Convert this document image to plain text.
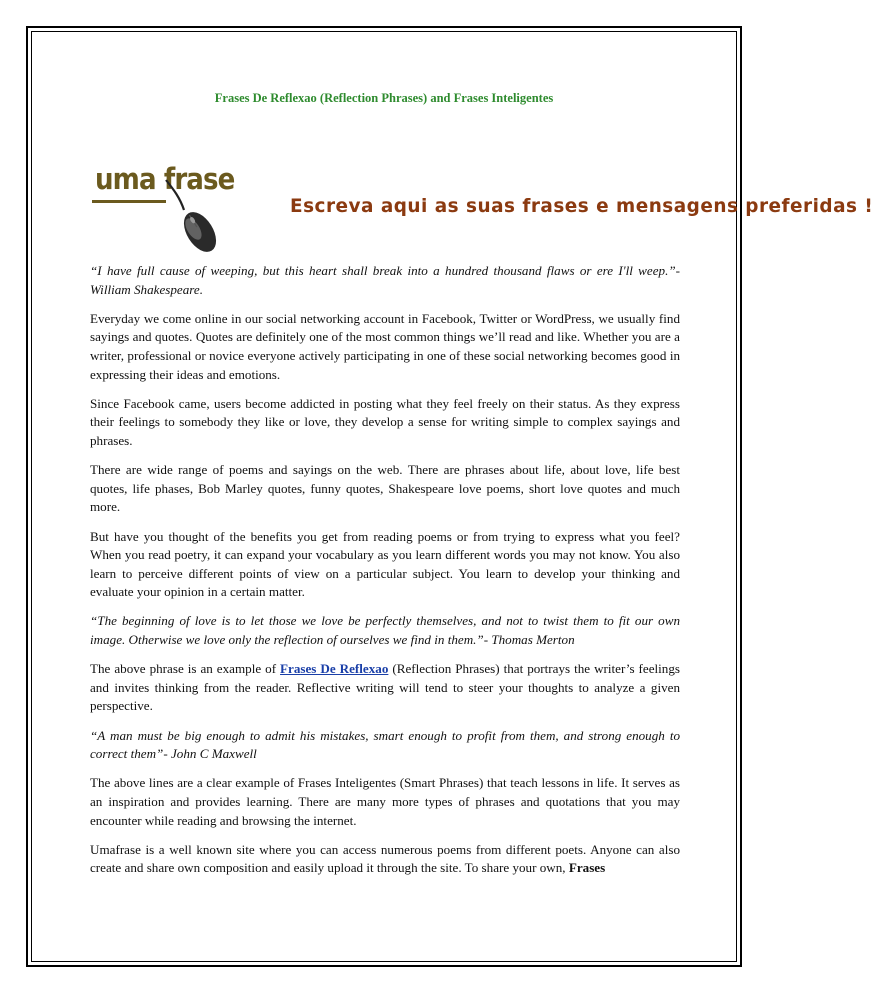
Frases De Reflexao (Reflection Phrases) and Frases Inteligentes
uma frase
Escreva aqui as suas frases e mensagens preferidas !

“I have full cause of weeping, but this heart shall break into a hundred thousand flaws or ere I'll weep.”- William Shakespeare.

Everyday we come online in our social networking account in Facebook, Twitter or WordPress, we usually find sayings and quotes. Quotes are definitely one of the most common things we’ll read and like. Whether you are a writer, professional or novice everyone actively participating in one of these social networking becomes good in expressing their ideas and emotions.

Since Facebook came, users become addicted in posting what they feel freely on their status. As they express their feelings to somebody they like or love, they develop a sense for writing simple to complex sayings and phrases.

There are wide range of poems and sayings on the web. There are phrases about life, about love, life best quotes, life phases, Bob Marley quotes, funny quotes, Shakespeare love poems, short love quotes and much more.

But have you thought of the benefits you get from reading poems or from trying to express what you feel? When you read poetry, it can expand your vocabulary as you learn different words you may not know. You also learn to perceive different points of view on a particular subject. You learn to develop your thinking and evaluate your opinion in a certain matter.

“The beginning of love is to let those we love be perfectly themselves, and not to twist them to fit our own image. Otherwise we love only the reflection of ourselves we find in them.”- Thomas Merton

The above phrase is an example of Frases De Reflexao (Reflection Phrases) that portrays the writer’s feelings and invites thinking from the reader. Reflective writing will tend to steer your thoughts to analyze a given perspective.

“A man must be big enough to admit his mistakes, smart enough to profit from them, and strong enough to correct them”- John C Maxwell

The above lines are a clear example of Frases Inteligentes (Smart Phrases) that teach lessons in life. It serves as an inspiration and provides learning. There are many more types of phrases and quotations that you may encounter while reading and browsing the internet.

Umafrase is a well known site where you can access numerous poems from different poets. Anyone can also create and share own composition and easily upload it through the site. To share your own, Frases
